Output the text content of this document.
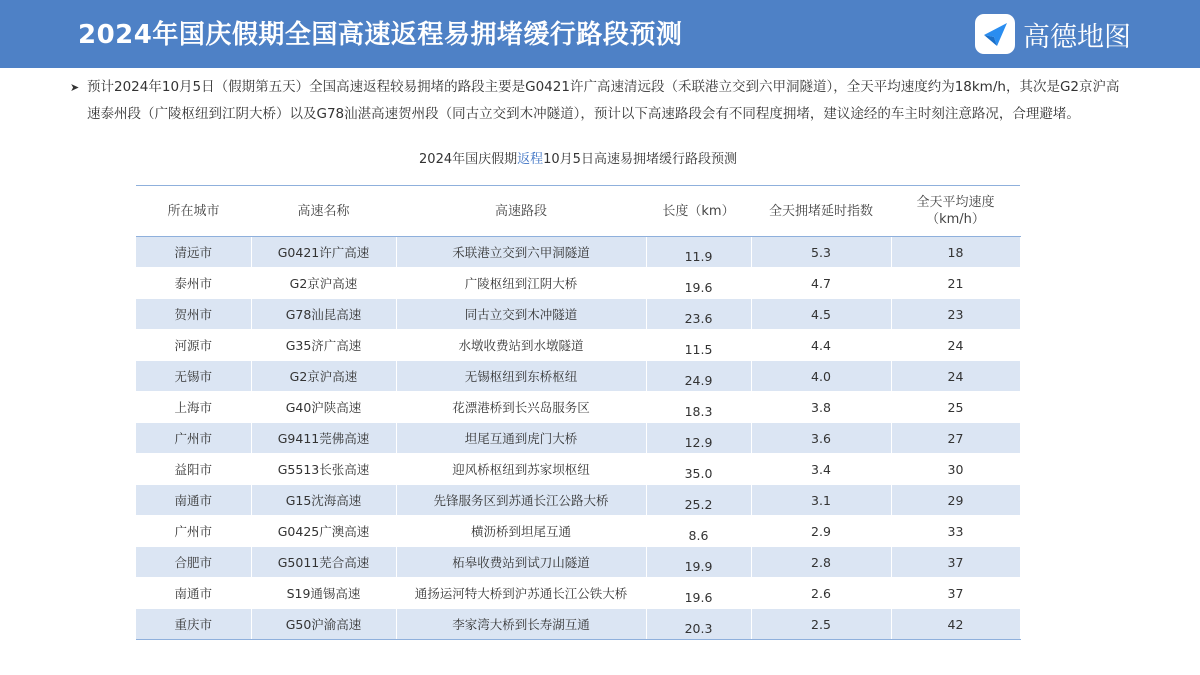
2024年国庆假期全国高速返程易拥堵缓行路段预测	高德地图
➤ 预计2024年10月5日（假期第五天）全国高速返程较易拥堵的路段主要是G0421许广高速清远段（禾联港立交到六甲洞隧道），全天平均速度约为18km/h，其次是G2京沪高速泰州段（广陵枢纽到江阴大桥）以及G78汕湛高速贺州段（同古立交到木冲隧道），预计以下高速路段会有不同程度拥堵，建议途经的车主时刻注意路况，合理避堵。
2024年国庆假期返程10月5日高速易拥堵缓行路段预测
所在城市	高速名称	高速路段	长度（km）	全天拥堵延时指数	全天平均速度
（km/h）
清远市	G0421许广高速	禾联港立交到六甲洞隧道	11.9	5.3	18
泰州市	G2京沪高速	广陵枢纽到江阴大桥	19.6	4.7	21
贺州市	G78汕昆高速	同古立交到木冲隧道	23.6	4.5	23
河源市	G35济广高速	水墩收费站到水墩隧道	11.5	4.4	24
无锡市	G2京沪高速	无锡枢纽到东桥枢纽	24.9	4.0	24
上海市	G40沪陕高速	花漂港桥到长兴岛服务区	18.3	3.8	25
广州市	G9411莞佛高速	坦尾互通到虎门大桥	12.9	3.6	27
益阳市	G5513长张高速	迎风桥枢纽到苏家坝枢纽	35.0	3.4	30
南通市	G15沈海高速	先锋服务区到苏通长江公路大桥	25.2	3.1	29
广州市	G0425广澳高速	横沥桥到坦尾互通	8.6	2.9	33
合肥市	G5011芜合高速	柘皋收费站到试刀山隧道	19.9	2.8	37
南通市	S19通锡高速	通扬运河特大桥到沪苏通长江公铁大桥	19.6	2.6	37
重庆市	G50沪渝高速	李家湾大桥到长寿湖互通	20.3	2.5	42
